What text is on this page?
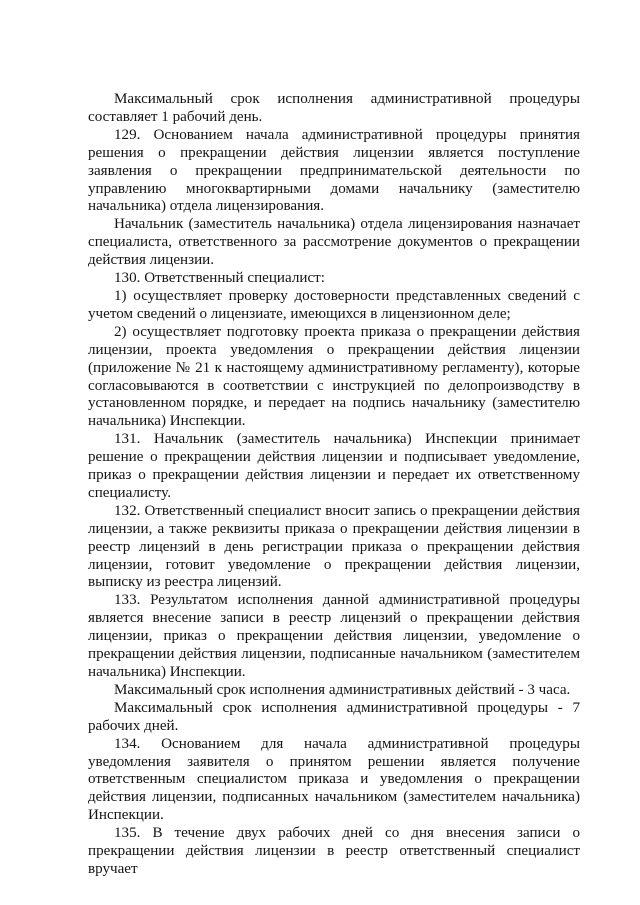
Максимальный срок исполнения административной процедуры составляет 1 рабочий день.

129. Основанием начала административной процедуры принятия решения о прекращении действия лицензии является поступление заявления о прекращении предпринимательской деятельности по управлению многоквартирными домами начальнику (заместителю начальника) отдела лицензирования.

Начальник (заместитель начальника) отдела лицензирования назначает специалиста, ответственного за рассмотрение документов о прекращении действия лицензии.

130. Ответственный специалист:

1) осуществляет проверку достоверности представленных сведений с учетом сведений о лицензиате, имеющихся в лицензионном деле;

2) осуществляет подготовку проекта приказа о прекращении действия лицензии, проекта уведомления о прекращении действия лицензии (приложение № 21 к настоящему административному регламенту), которые согласовываются в соответствии с инструкцией по делопроизводству в установленном порядке, и передает на подпись начальнику (заместителю начальника) Инспекции.

131. Начальник (заместитель начальника) Инспекции принимает решение о прекращении действия лицензии и подписывает уведомление, приказ о прекращении действия лицензии и передает их ответственному специалисту.

132. Ответственный специалист вносит запись о прекращении действия лицензии, а также реквизиты приказа о прекращении действия лицензии в реестр лицензий в день регистрации приказа о прекращении действия лицензии, готовит уведомление о прекращении действия лицензии, выписку из реестра лицензий.

133. Результатом исполнения данной административной процедуры является внесение записи в реестр лицензий о прекращении действия лицензии, приказ о прекращении действия лицензии, уведомление о прекращении действия лицензии, подписанные начальником (заместителем начальника) Инспекции.

Максимальный срок исполнения административных действий - 3 часа.

Максимальный срок исполнения административной процедуры - 7 рабочих дней.

134. Основанием для начала административной процедуры уведомления заявителя о принятом решении является получение ответственным специалистом приказа и уведомления о прекращении действия лицензии, подписанных начальником (заместителем начальника) Инспекции.

135. В течение двух рабочих дней со дня внесения записи о прекращении действия лицензии в реестр ответственный специалист вручает
